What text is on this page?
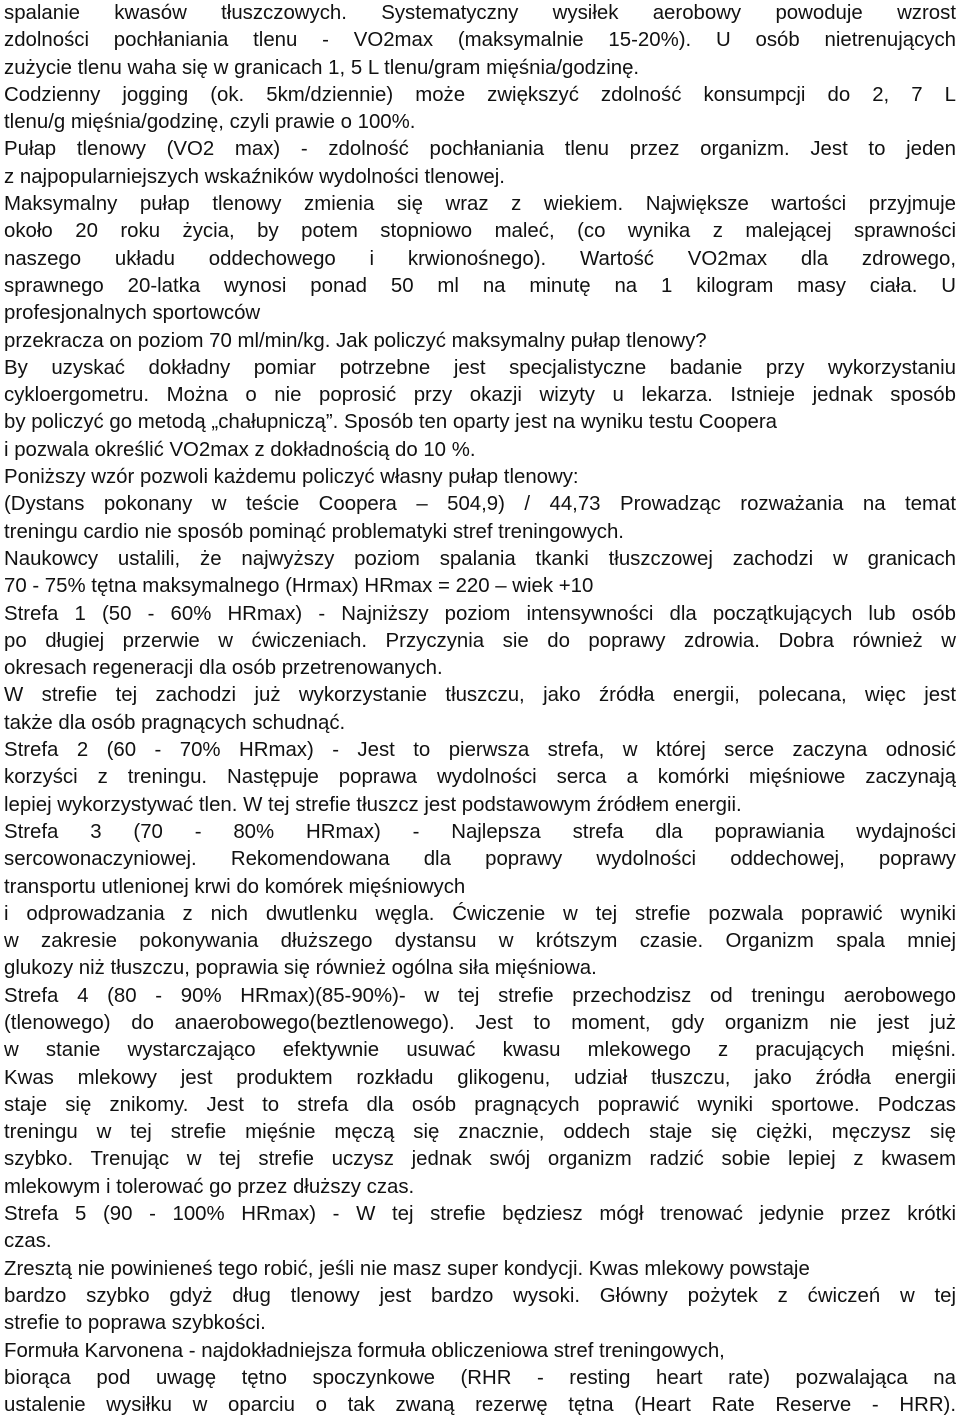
spalanie kwasów tłuszczowych. Systematyczny wysiłek aerobowy powoduje wzrost
zdolności pochłaniania tlenu - VO2max (maksymalnie 15-20%). U osób nietrenujących
zużycie tlenu waha się w granicach 1, 5 L tlenu/gram mięśnia/godzinę.
Codzienny jogging (ok. 5km/dziennie) może zwiększyć zdolność konsumpcji do 2, 7 L
tlenu/g mięśnia/godzinę, czyli prawie o 100%.
Pułap tlenowy (VO2 max) - zdolność pochłaniania tlenu przez organizm. Jest to jeden
z najpopularniejszych wskaźników wydolności tlenowej.
Maksymalny pułap tlenowy zmienia się wraz z wiekiem. Największe wartości przyjmuje
około 20 roku życia, by potem stopniowo maleć, (co wynika z malejącej sprawności
naszego układu oddechowego i krwionośnego). Wartość VO2max dla zdrowego,
sprawnego 20-latka wynosi ponad 50 ml na minutę na 1 kilogram masy ciała. U
profesjonalnych sportowców
przekracza on poziom 70 ml/min/kg. Jak policzyć maksymalny pułap tlenowy?
By uzyskać dokładny pomiar potrzebne jest specjalistyczne badanie przy wykorzystaniu
cykloergometru. Można o nie poprosić przy okazji wizyty u lekarza. Istnieje jednak sposób
by policzyć go metodą „chałupniczą”. Sposób ten oparty jest na wyniku testu Coopera
i pozwala określić VO2max z dokładnością do 10 %.
Poniższy wzór pozwoli każdemu policzyć własny pułap tlenowy:
(Dystans pokonany w teście Coopera – 504,9) / 44,73 Prowadząc rozważania na temat
treningu cardio nie sposób pominąć problematyki stref treningowych.
Naukowcy ustalili, że najwyższy poziom spalania tkanki tłuszczowej zachodzi w granicach
70 - 75% tętna maksymalnego (Hrmax) HRmax = 220 – wiek +10
Strefa 1 (50 - 60% HRmax) - Najniższy poziom intensywności dla początkujących lub osób
po długiej przerwie w ćwiczeniach. Przyczynia sie do poprawy zdrowia. Dobra również w
okresach regeneracji dla osób przetrenowanych.
W strefie tej zachodzi już wykorzystanie tłuszczu, jako źródła energii, polecana, więc jest
także dla osób pragnących schudnąć.
Strefa 2 (60 - 70% HRmax) - Jest to pierwsza strefa, w której serce zaczyna odnosić
korzyści z treningu. Następuje poprawa wydolności serca a komórki mięśniowe zaczynają
lepiej wykorzystywać tlen. W tej strefie tłuszcz jest podstawowym źródłem energii.
Strefa 3 (70 - 80% HRmax) - Najlepsza strefa dla poprawiania wydajności
sercowonaczyniowej. Rekomendowana dla poprawy wydolności oddechowej, poprawy
transportu utlenionej krwi do komórek mięśniowych
i odprowadzania z nich dwutlenku węgla. Ćwiczenie w tej strefie pozwala poprawić wyniki
w zakresie pokonywania dłuższego dystansu w krótszym czasie. Organizm spala mniej
glukozy niż tłuszczu, poprawia się również ogólna siła mięśniowa.
Strefa 4 (80 - 90% HRmax)(85-90%)- w tej strefie przechodzisz od treningu aerobowego
(tlenowego) do anaerobowego(beztlenowego). Jest to moment, gdy organizm nie jest już
w stanie wystarczająco efektywnie usuwać kwasu mlekowego z pracujących mięśni.
Kwas mlekowy jest produktem rozkładu glikogenu, udział tłuszczu, jako źródła energii
staje się znikomy. Jest to strefa dla osób pragnących poprawić wyniki sportowe. Podczas
treningu w tej strefie mięśnie męczą się znacznie, oddech staje się ciężki, męczysz się
szybko. Trenując w tej strefie uczysz jednak swój organizm radzić sobie lepiej z kwasem
mlekowym i tolerować go przez dłuższy czas.
Strefa 5 (90 - 100% HRmax) - W tej strefie będziesz mógł trenować jedynie przez krótki
czas.
Zresztą nie powinieneś tego robić, jeśli nie masz super kondycji. Kwas mlekowy powstaje
bardzo szybko gdyż dług tlenowy jest bardzo wysoki. Główny pożytek z ćwiczeń w tej
strefie to poprawa szybkości.
Formuła Karvonena - najdokładniejsza formuła obliczeniowa stref treningowych,
biorąca pod uwagę tętno spoczynkowe (RHR - resting heart rate) pozwalająca na
ustalenie wysiłku w oparciu o tak zwaną rezerwę tętna (Heart Rate Reserve - HRR).
